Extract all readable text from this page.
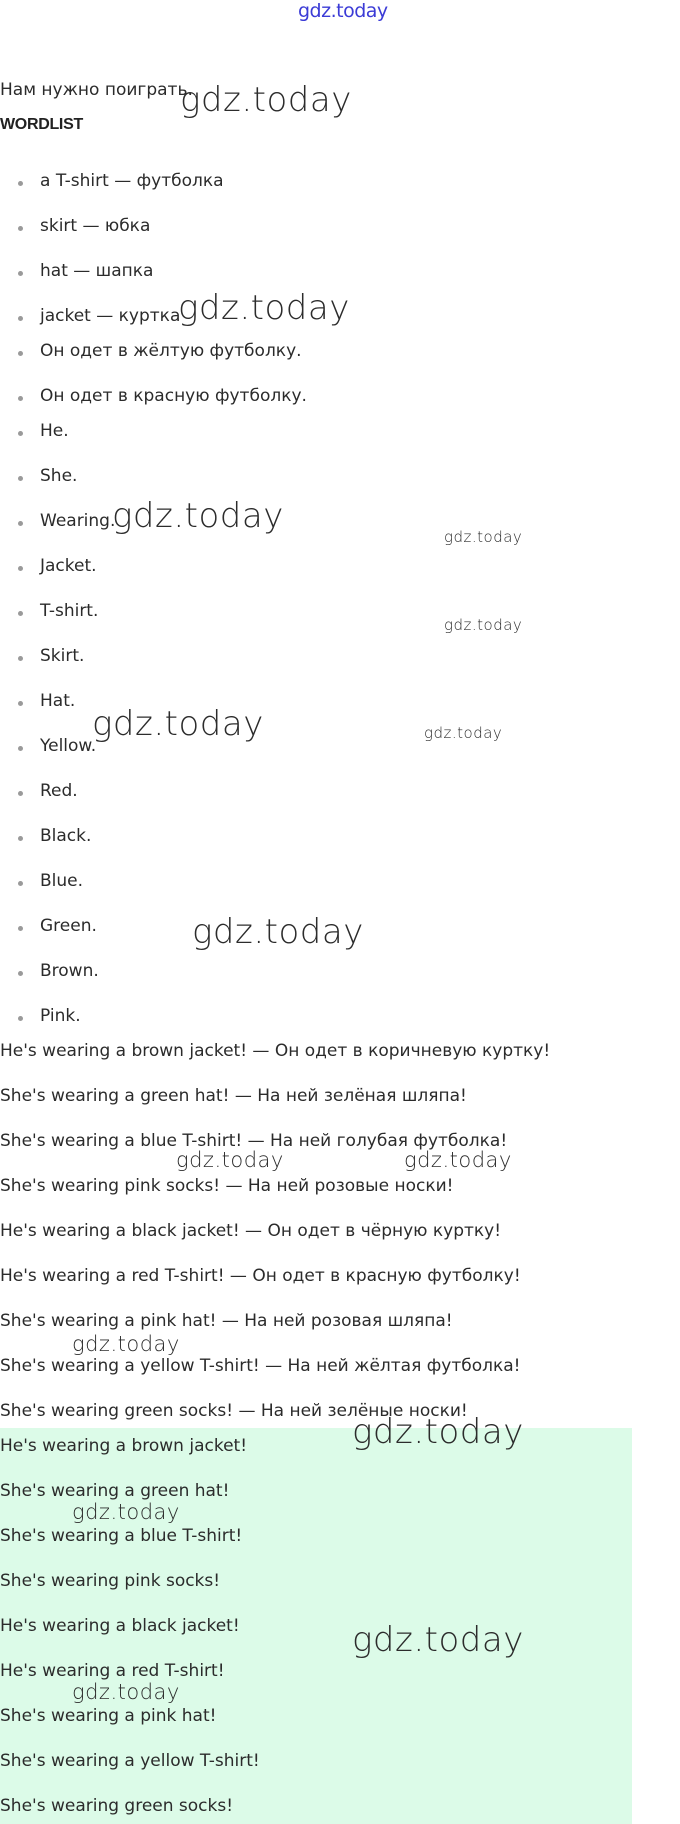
gdz.today
Нам нужно поиграть.
WORDLIST
a T-shirt — футболка
skirt — юбка
hat — шапка
jacket — куртка
Он одет в жёлтую футболку.
Он одет в красную футболку.
He.
She.
Wearing.
Jacket.
T-shirt.
Skirt.
Hat.
Yellow.
Red.
Black.
Blue.
Green.
Brown.
Pink.
He's wearing a brown jacket! — Он одет в коричневую куртку!
She's wearing a green hat! — На ней зелёная шляпа!
She's wearing a blue T-shirt! — На ней голубая футболка!
She's wearing pink socks! — На ней розовые носки!
He's wearing a black jacket! — Он одет в чёрную куртку!
He's wearing a red T-shirt! — Он одет в красную футболку!
She's wearing a pink hat! — На ней розовая шляпа!
She's wearing a yellow T-shirt! — На ней жёлтая футболка!
She's wearing green socks! — На ней зелёные носки!
He's wearing a brown jacket!
She's wearing a green hat!
She's wearing a blue T-shirt!
She's wearing pink socks!
He's wearing a black jacket!
He's wearing a red T-shirt!
She's wearing a pink hat!
She's wearing a yellow T-shirt!
She's wearing green socks!
gdz.today
gdz.today
gdz.today
gdz.today
gdz.today
gdz.today	gdz.today
gdz.today
gdz.today	gdz.today
gdz.today
gdz.today
gdz.today
gdz.today
gdz.today
